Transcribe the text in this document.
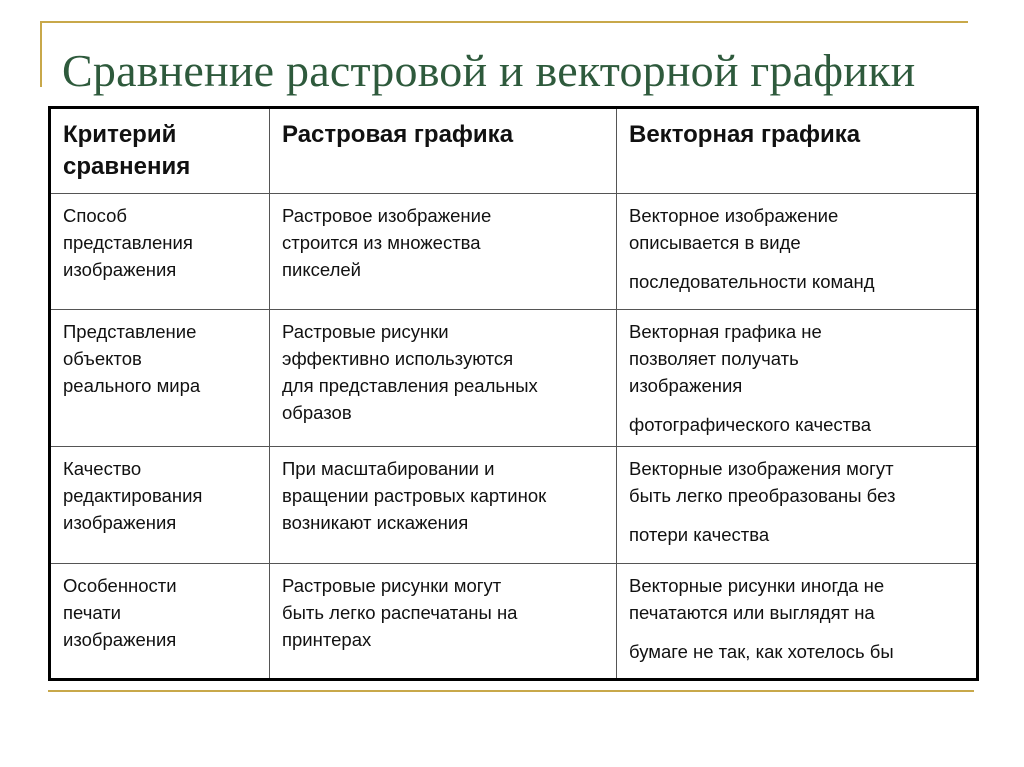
Сравнение растровой и векторной графики
Критерий
сравнения	Растровая графика	Векторная графика
Способ
представления
изображения	Растровое изображение
строится из множества
пикселей	Векторное изображение
описывается в виде
последовательности команд

Представление
объектов
реального мира	Растровые рисунки
эффективно используются
для представления реальных
образов	Векторная графика не
позволяет получать
изображения
фотографического качества

Качество
редактирования
изображения	При масштабировании и
вращении растровых картинок
возникают искажения	Векторные изображения могут
быть легко преобразованы без
потери качества

Особенности
печати
изображения	Растровые рисунки могут
быть легко распечатаны на
принтерах	Векторные рисунки иногда не
печатаются или выглядят на
бумаге не так, как хотелось бы
